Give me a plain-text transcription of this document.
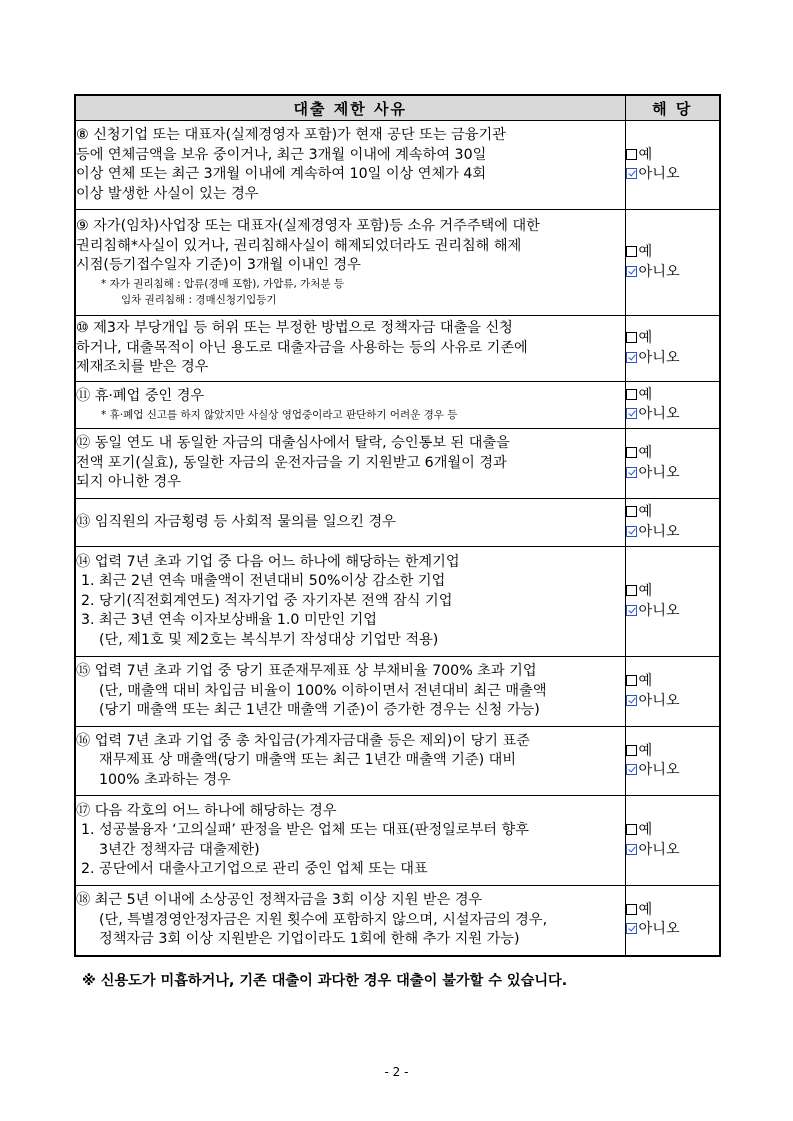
대출 제한 사유	해 당

⑧ 신청기업 또는 대표자(실제경영자 포함)가 현재 공단 또는 금융기관
등에 연체금액을 보유 중이거나, 최근 3개월 이내에 계속하여 30일
이상 연체 또는 최근 3개월 이내에 계속하여 10일 이상 연체가 4회
이상 발생한 사실이 있는 경우	예
아니오

⑨ 자가(임차)사업장 또는 대표자(실제경영자 포함)등 소유 거주주택에 대한
권리침해*사실이 있거나, 권리침해사실이 해제되었더라도 권리침해 해제
시점(등기접수일자 기준)이 3개월 이내인 경우
* 자가 권리침해 : 압류(경매 포함), 가압류, 가처분 등
임차 권리침해 : 경매신청기입등기	예
아니오

⑩ 제3자 부당개입 등 허위 또는 부정한 방법으로 정책자금 대출을 신청
하거나, 대출목적이 아닌 용도로 대출자금을 사용하는 등의 사유로 기존에
제재조치를 받은 경우	예
아니오

⑪ 휴·폐업 중인 경우
* 휴·폐업 신고를 하지 않았지만 사실상 영업중이라고 판단하기 어려운 경우 등	예
아니오

⑫ 동일 연도 내 동일한 자금의 대출심사에서 탈락, 승인통보 된 대출을
전액 포기(실효), 동일한 자금의 운전자금을 기 지원받고 6개월이 경과
되지 아니한 경우	예
아니오

⑬ 임직원의 자금횡령 등 사회적 물의를 일으킨 경우	예
아니오

⑭ 업력 7년 초과 기업 중 다음 어느 하나에 해당하는 한계기업
1. 최근 2년 연속 매출액이 전년대비 50%이상 감소한 기업
2. 당기(직전회계연도) 적자기업 중 자기자본 전액 잠식 기업
3. 최근 3년 연속 이자보상배율 1.0 미만인 기업
(단, 제1호 및 제2호는 복식부기 작성대상 기업만 적용)	예
아니오

⑮ 업력 7년 초과 기업 중 당기 표준재무제표 상 부채비율 700% 초과 기업
(단, 매출액 대비 차입금 비율이 100% 이하이면서 전년대비 최근 매출액
(당기 매출액 또는 최근 1년간 매출액 기준)이 증가한 경우는 신청 가능)	예
아니오

⑯ 업력 7년 초과 기업 중 총 차입금(가계자금대출 등은 제외)이 당기 표준
재무제표 상 매출액(당기 매출액 또는 최근 1년간 매출액 기준) 대비
100% 초과하는 경우	예
아니오

⑰ 다음 각호의 어느 하나에 해당하는 경우
1. 성공불융자 ‘고의실패’ 판정을 받은 업체 또는 대표(판정일로부터 향후
3년간 정책자금 대출제한)
2. 공단에서 대출사고기업으로 관리 중인 업체 또는 대표	예
아니오

⑱ 최근 5년 이내에 소상공인 정책자금을 3회 이상 지원 받은 경우
(단, 특별경영안정자금은 지원 횟수에 포함하지 않으며, 시설자금의 경우,
정책자금 3회 이상 지원받은 기업이라도 1회에 한해 추가 지원 가능)	예
아니오
※ 신용도가 미흡하거나, 기존 대출이 과다한 경우 대출이 불가할 수 있습니다.
- 2 -
